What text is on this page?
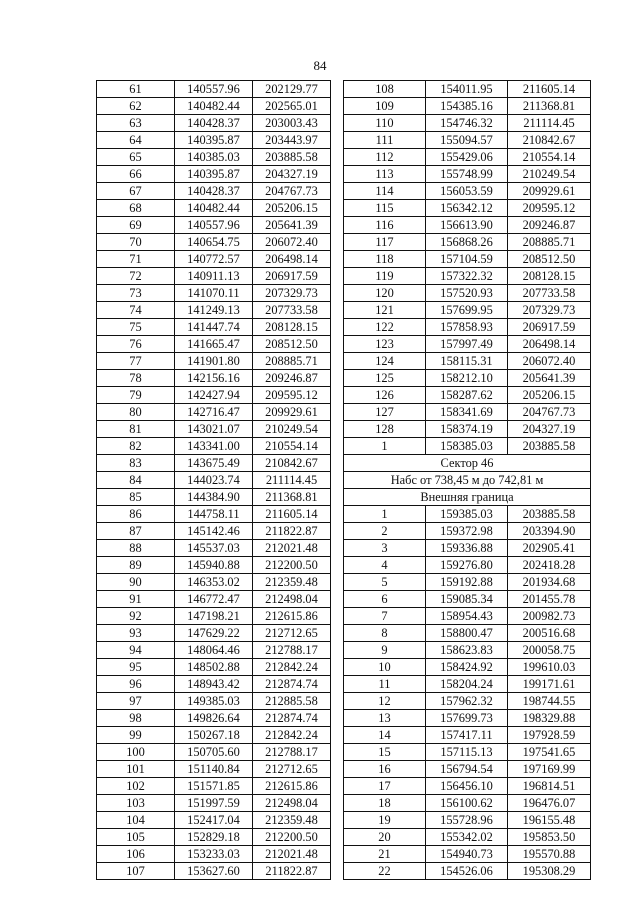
84
61	140557.96	202129.77
62	140482.44	202565.01
63	140428.37	203003.43
64	140395.87	203443.97
65	140385.03	203885.58
66	140395.87	204327.19
67	140428.37	204767.73
68	140482.44	205206.15
69	140557.96	205641.39
70	140654.75	206072.40
71	140772.57	206498.14
72	140911.13	206917.59
73	141070.11	207329.73
74	141249.13	207733.58
75	141447.74	208128.15
76	141665.47	208512.50
77	141901.80	208885.71
78	142156.16	209246.87
79	142427.94	209595.12
80	142716.47	209929.61
81	143021.07	210249.54
82	143341.00	210554.14
83	143675.49	210842.67
84	144023.74	211114.45
85	144384.90	211368.81
86	144758.11	211605.14
87	145142.46	211822.87
88	145537.03	212021.48
89	145940.88	212200.50
90	146353.02	212359.48
91	146772.47	212498.04
92	147198.21	212615.86
93	147629.22	212712.65
94	148064.46	212788.17
95	148502.88	212842.24
96	148943.42	212874.74
97	149385.03	212885.58
98	149826.64	212874.74
99	150267.18	212842.24
100	150705.60	212788.17
101	151140.84	212712.65
102	151571.85	212615.86
103	151997.59	212498.04
104	152417.04	212359.48
105	152829.18	212200.50
106	153233.03	212021.48
107	153627.60	211822.87
108	154011.95	211605.14
109	154385.16	211368.81
110	154746.32	211114.45
111	155094.57	210842.67
112	155429.06	210554.14
113	155748.99	210249.54
114	156053.59	209929.61
115	156342.12	209595.12
116	156613.90	209246.87
117	156868.26	208885.71
118	157104.59	208512.50
119	157322.32	208128.15
120	157520.93	207733.58
121	157699.95	207329.73
122	157858.93	206917.59
123	157997.49	206498.14
124	158115.31	206072.40
125	158212.10	205641.39
126	158287.62	205206.15
127	158341.69	204767.73
128	158374.19	204327.19
1	158385.03	203885.58
Сектор 46		
Набс от 738,45 м до 742,81 м		
Внешняя граница		
1	159385.03	203885.58
2	159372.98	203394.90
3	159336.88	202905.41
4	159276.80	202418.28
5	159192.88	201934.68
6	159085.34	201455.78
7	158954.43	200982.73
8	158800.47	200516.68
9	158623.83	200058.75
10	158424.92	199610.03
11	158204.24	199171.61
12	157962.32	198744.55
13	157699.73	198329.88
14	157417.11	197928.59
15	157115.13	197541.65
16	156794.54	197169.99
17	156456.10	196814.51
18	156100.62	196476.07
19	155728.96	196155.48
20	155342.02	195853.50
21	154940.73	195570.88
22	154526.06	195308.29
